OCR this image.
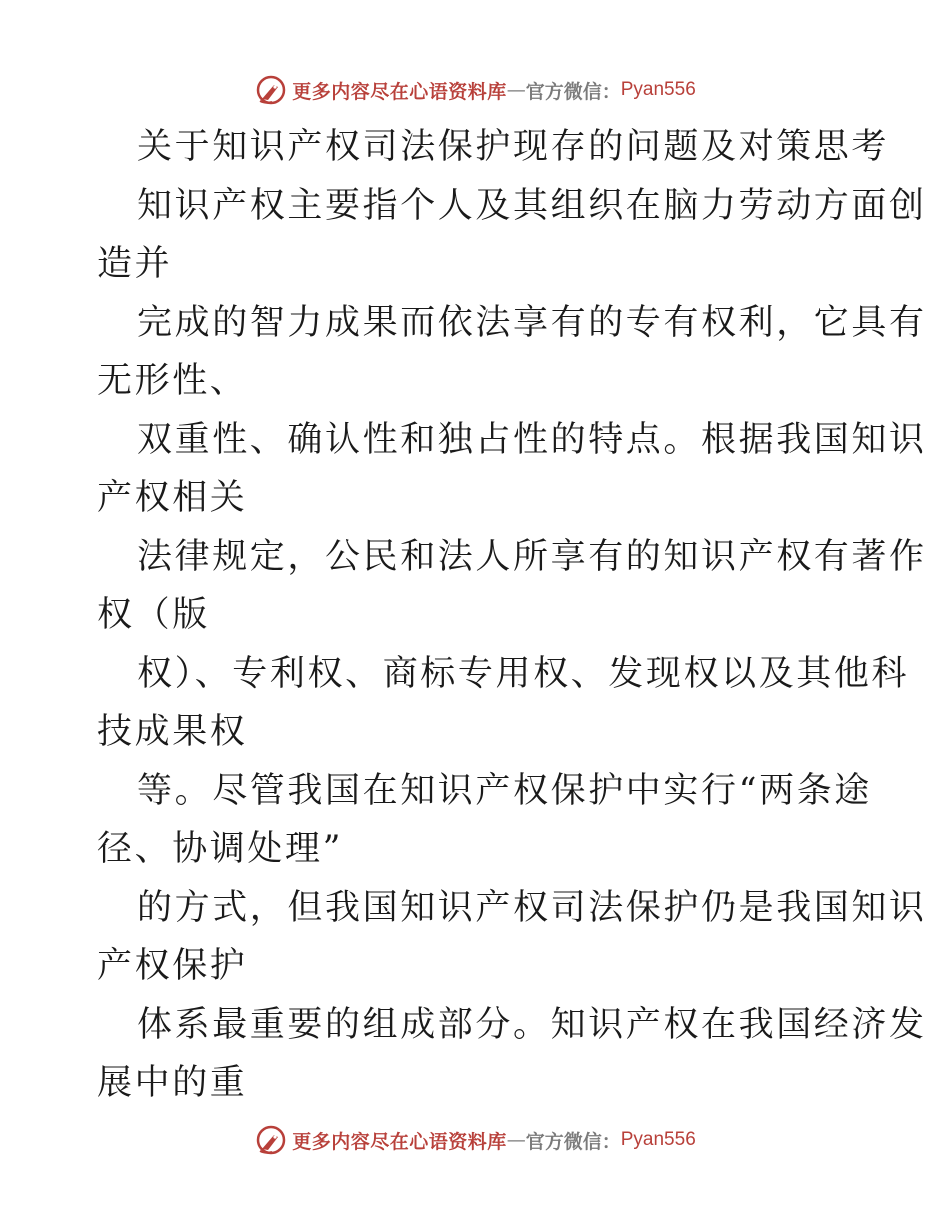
更多内容尽在心语资料库 — 官方微信： Pyan556
关于知识产权司法保护现存的问题及对策思考
知识产权主要指个人及其组织在脑力劳动方面创
造并
完成的智力成果而依法享有的专有权利，它具有
无形性、
双重性、确认性和独占性的特点。根据我国知识
产权相关
法律规定，公民和法人所享有的知识产权有著作
权（版
权）、专利权、商标专用权、发现权以及其他科
技成果权
等。尽管我国在知识产权保护中实行“两条途
径、协调处理”
的方式，但我国知识产权司法保护仍是我国知识
产权保护
体系最重要的组成部分。知识产权在我国经济发
展中的重
更多内容尽在心语资料库 — 官方微信： Pyan556
